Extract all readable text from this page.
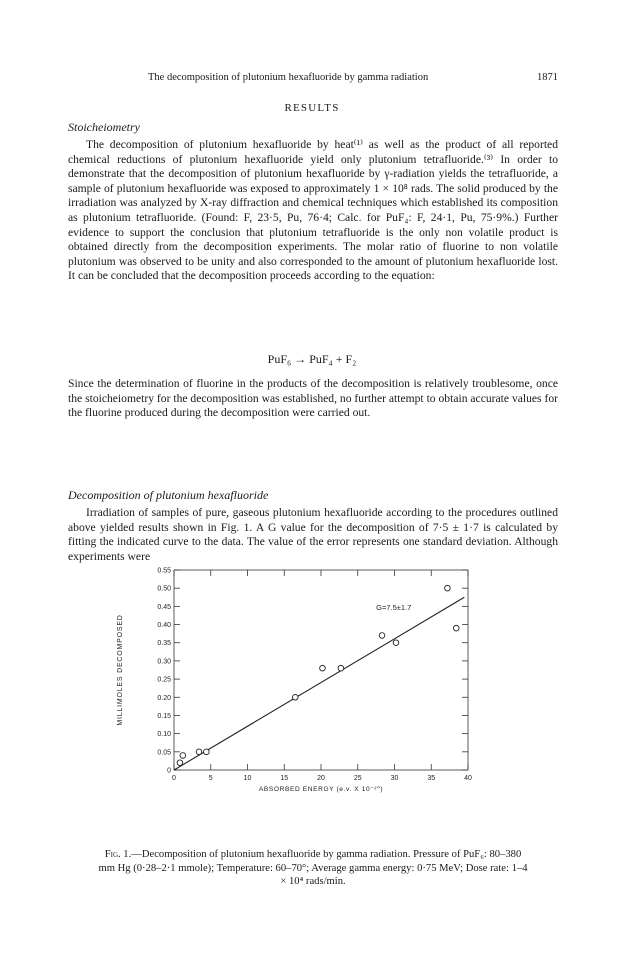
The decomposition of plutonium hexafluoride by gamma radiation	1871
RESULTS
Stoicheiometry
The decomposition of plutonium hexafluoride by heat⁽¹⁾ as well as the product of all reported chemical reductions of plutonium hexafluoride yield only plutonium tetrafluoride.⁽³⁾ In order to demonstrate that the decomposition of plutonium hexafluoride by γ-radiation yields the tetrafluoride, a sample of plutonium hexafluoride was exposed to approximately 1 × 10⁸ rads. The solid produced by the irradiation was analyzed by X-ray diffraction and chemical techniques which established its composition as plutonium tetrafluoride. (Found: F, 23·5, Pu, 76·4; Calc. for PuF₄: F, 24·1, Pu, 75·9%.) Further evidence to support the conclusion that plutonium tetrafluoride is the only non volatile product is obtained directly from the decomposition experiments. The molar ratio of fluorine to non volatile plutonium was observed to be unity and also corresponded to the amount of plutonium hexafluoride lost. It can be concluded that the decomposition proceeds according to the equation:
PuF₆ → PuF₄ + F₂
Since the determination of fluorine in the products of the decomposition is relatively troublesome, once the stoicheiometry for the decomposition was established, no further attempt to obtain accurate values for the fluorine produced during the decomposition were carried out.
Decomposition of plutonium hexafluoride
Irradiation of samples of pure, gaseous plutonium hexafluoride according to the procedures outlined above yielded results shown in Fig. 1. A G value for the decomposition of 7·5 ± 1·7 is calculated by fitting the indicated curve to the data. The value of the error represents one standard deviation. Although experiments were
0	5	10	15	20	25	30	35	40
0
0.05
0.10
0.15
0.20
0.25
0.30
0.35
0.40
0.45
0.50
0.55
G=7.5±1.7
ABSORBED ENERGY (e.v. X 10⁻²⁰)
MILLIMOLES DECOMPOSED
Fig. 1.—Decomposition of plutonium hexafluoride by gamma radiation. Pressure of PuF₆: 80–380 mm Hg (0·28–2·1 mmole); Temperature: 60–70°; Average gamma energy: 0·75 MeV; Dose rate: 1–4 × 10⁴ rads/min.
